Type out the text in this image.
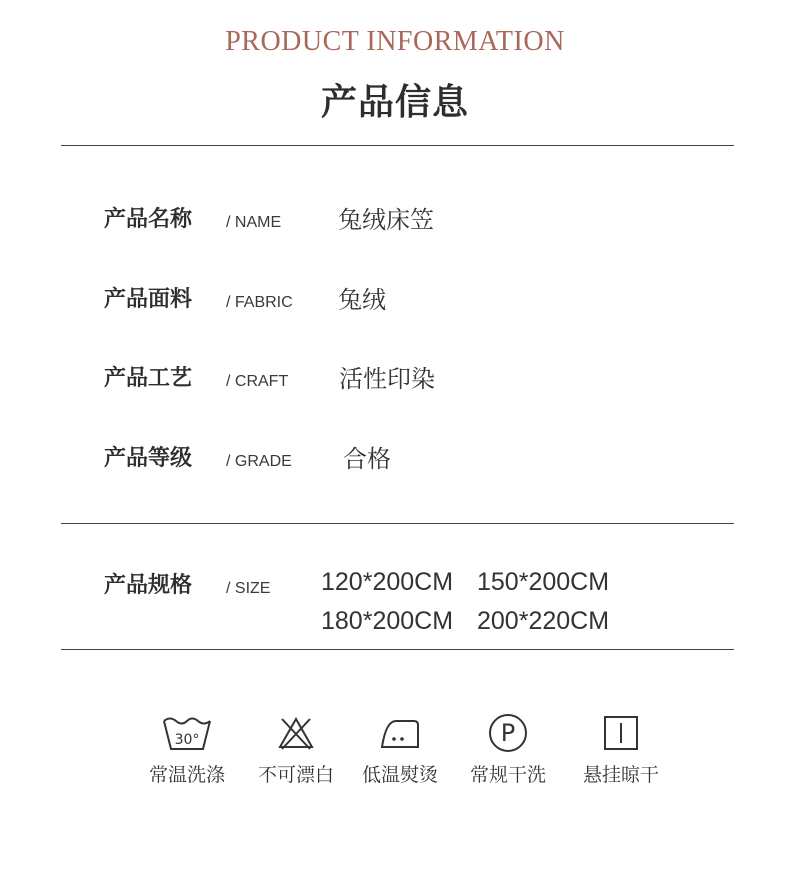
PRODUCT INFORMATION
产品信息
产品名称 / NAME 兔绒床笠
产品面料 / FABRIC 兔绒
产品工艺 / CRAFT 活性印染
产品等级 / GRADE 合格
产品规格 / SIZE 120*200CM 150*200CM
180*200CM 200*220CM
30°
常温洗涤	不可漂白	低温熨烫
P
常规干洗	悬挂晾干
